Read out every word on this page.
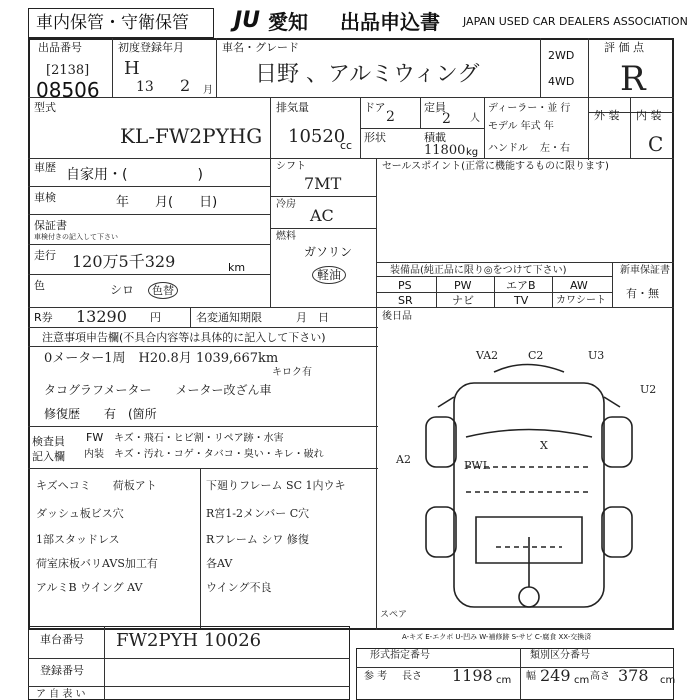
車内保管・守衛保管 JU 愛知 出品申込書 JAPAN USED CAR DEALERS ASSOCIATION
出品番号
[2138]
08506
初度登録年月
H
13 2 月
車名・グレード
日野 、アルミウィング
2WD
4WD
評 価 点
R
型式
KL-FW2PYHG
排気量
10520
cc
ドア
2
定員
2 人
形状	積載
11800 kg
ディーラー・並 行
モデル 年式 年
ハンドル 左・右
外 装 内 装
C
車歴 自家用・(　　　　　)
車検	年　　月(　　日)
保証書
車検付きの記入して下さい
走行 120万5千329	km
色	シロ	色替
シフト
7MT
冷房
AC
燃料
ガソリン
軽油
セールスポイント(正常に機能するものに限ります)
装備品(純正品に限り◎をつけて下さい)
PS	PW	エアB	AW
SR	ナビ	TV	カワシート
新車保証書
有・無
R券 13290 円	名変通知期限	月　日	後日品
注意事項申告欄(不具合内容等は具体的に記入して下さい)
0メーター1周　H20.8月 1039,667km
キロク有
タコグラフメーター　　メーター改ざん車
修復歴　　有　(箇所
検査員 記入欄
FW キズ・飛石・ヒビ割・リペア跡・水害
内装 キズ・汚れ・コゲ・タバコ・臭い・キレ・破れ
キズヘコミ　　荷板アト
ダッシュ板ビス穴
1部スタッドレス
荷室床板バリAVS加工有
アルミB ウイング AV
下廻りフレーム SC 1内ウキ
R宮1-2メンバー C穴
Rフレーム シワ 修復
各AV
ウイング不良
VA2	C2	U3
U2
A2	PWL
X
スペア
A-キズ E-エクボ U-凹み W-補修跡 S-サビ C-腐食 XX-交換済
車台番号 FW2PYH 10026
登録番号
ア 自 表 い
形式指定番号	類別区分番号
参 考 長さ 1198 cm 幅 249 cm 高さ 378 cm
